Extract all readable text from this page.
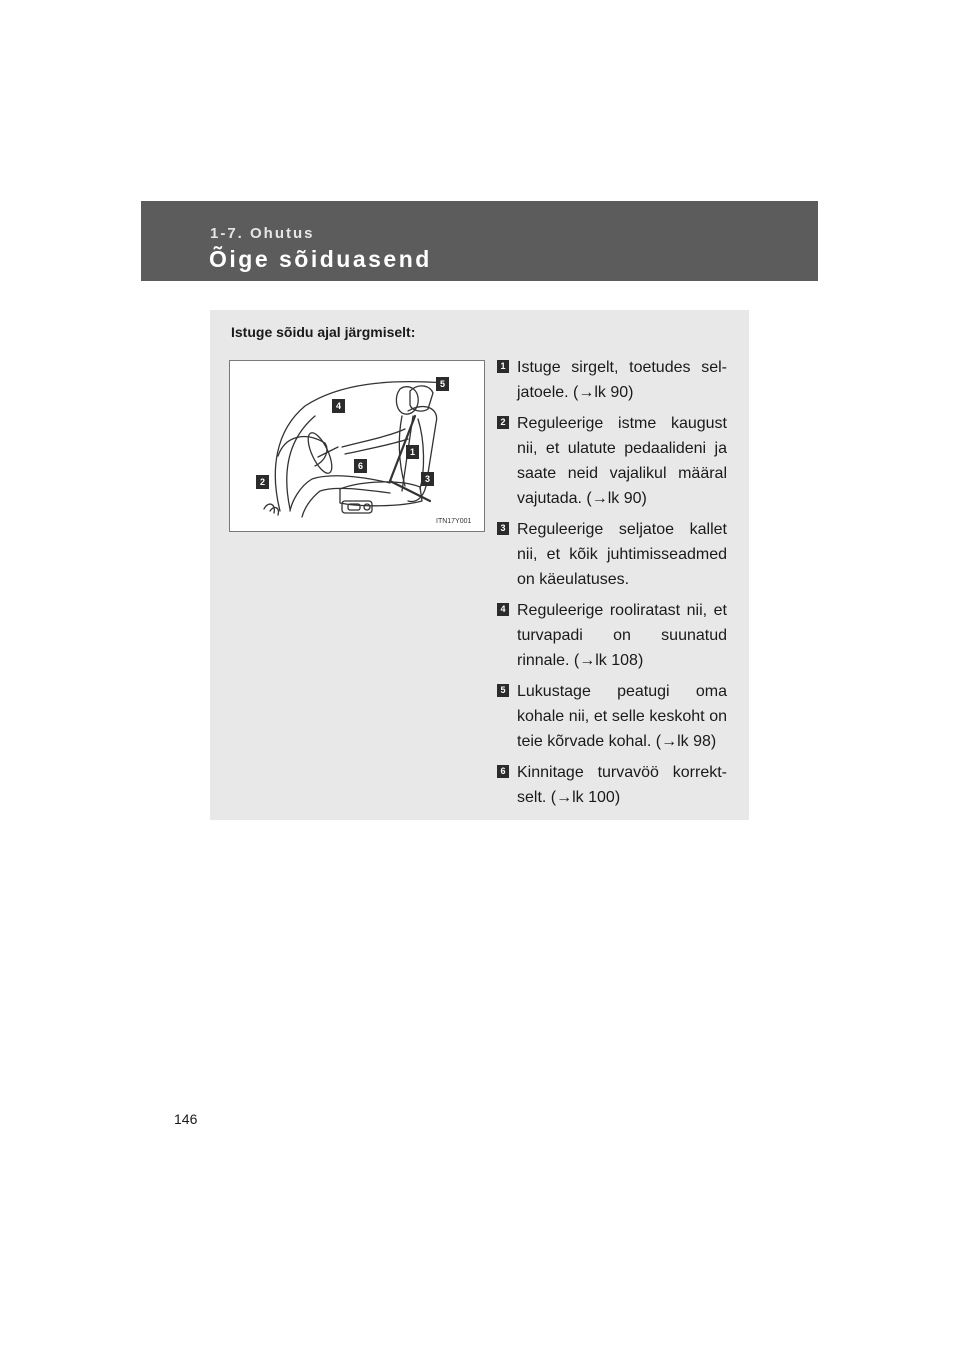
1-7. Ohutus
Õige sõiduasend
Istuge sõidu ajal järgmiselt:
5
4
1
6
3
2
ITN17Y001
1 Istuge sirgelt, toetudes seljatoele. (→lk 90)
2 Reguleerige istme kaugust nii, et ulatute pedaalideni ja saate neid vajalikul määral vajutada. (→lk 90)
3 Reguleerige seljatoe kallet nii, et kõik juhtimisseadmed on käeulatuses.
4 Reguleerige rooliratast nii, et turvapadi on suunatud rinnale. (→lk 108)
5 Lukustage peatugi oma kohale nii, et selle keskoht on teie kõrvade kohal. (→lk 98)
6 Kinnitage turvavöö korrektselt. (→lk 100)
146
